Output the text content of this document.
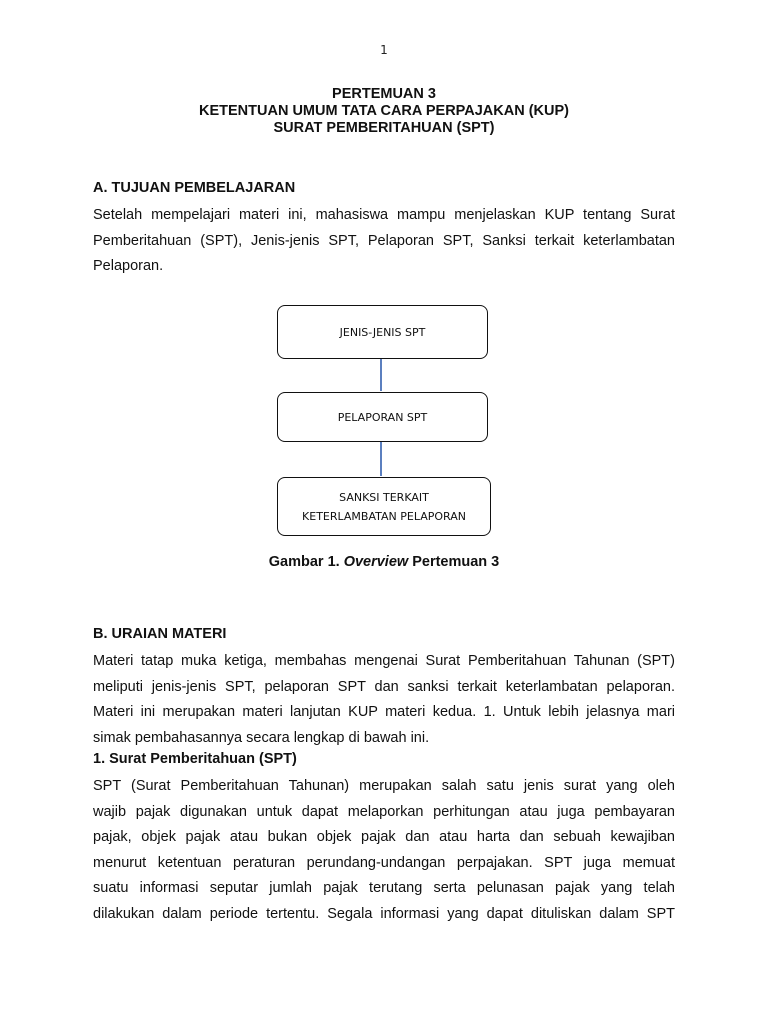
1
PERTEMUAN 3
KETENTUAN UMUM TATA CARA PERPAJAKAN (KUP)
SURAT PEMBERITAHUAN (SPT)
A. TUJUAN PEMBELAJARAN
Setelah mempelajari materi ini, mahasiswa mampu menjelaskan KUP tentang Surat
Pemberitahuan (SPT), Jenis-jenis SPT, Pelaporan SPT, Sanksi terkait keterlambatan
Pelaporan.
JENIS-JENIS SPT
PELAPORAN SPT
SANKSI TERKAIT
KETERLAMBATAN PELAPORAN
Gambar 1. Overview Pertemuan 3
B. URAIAN MATERI
Materi tatap muka ketiga, membahas mengenai Surat Pemberitahuan Tahunan (SPT)
meliputi jenis-jenis SPT, pelaporan SPT dan sanksi terkait keterlambatan pelaporan.
Materi ini merupakan materi lanjutan KUP materi kedua. 1. Untuk lebih jelasnya mari
simak pembahasannya secara lengkap di bawah ini.
1. Surat Pemberitahuan (SPT)
SPT (Surat Pemberitahuan Tahunan) merupakan salah satu jenis surat yang oleh
wajib pajak digunakan untuk dapat melaporkan perhitungan atau juga pembayaran
pajak, objek pajak atau bukan objek pajak dan atau harta dan sebuah kewajiban
menurut ketentuan peraturan perundang-undangan perpajakan. SPT juga memuat
suatu informasi seputar jumlah pajak terutang serta pelunasan pajak yang telah
dilakukan dalam periode tertentu. Segala informasi yang dapat dituliskan dalam SPT
